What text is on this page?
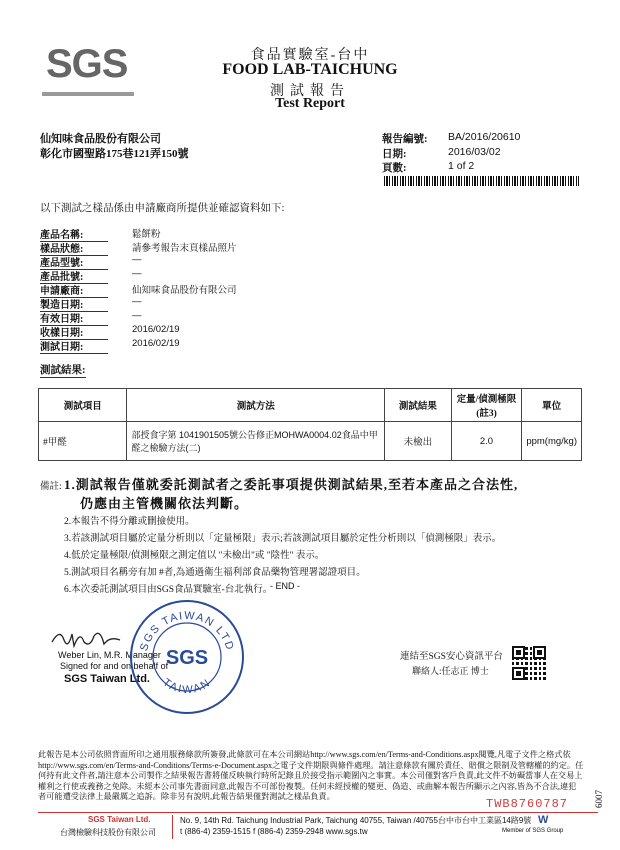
SGS	食品實驗室-台中
FOOD LAB-TAICHUNG
測試報告
Test Report
仙知味食品股份有限公司
彰化市國聖路175巷121弄150號
報告編號: BA/2016/20610
日期:	2016/03/02
頁數:	1 of 2
以下測試之樣品係由申請廠商所提供並確認資料如下:
產品名稱:	鬆餅粉
樣品狀態:	請參考報告末頁樣品照片
產品型號:	—
產品批號:	—
申請廠商:	仙知味食品股份有限公司
製造日期:	—
有效日期:	—
收樣日期:	2016/02/19
測試日期:	2016/02/19
測試結果:
測試項目	測試方法	測試結果	定量/偵測極限(註3)	單位
#甲醛	部授食字第 1041901505號公告修正MOHWA0004.02食品中甲醛之檢驗方法(二)	未檢出	2.0	ppm(mg/kg)
備註: 1.測試報告僅就委託測試者之委託事項提供測試結果,至若本產品之合法性,
仍應由主管機關依法判斷。
2.本報告不得分離或刪撿使用。
3.若該測試項目屬於定量分析則以「定量極限」表示;若該測試項目屬於定性分析則以「偵測極限」表示。
4.低於定量極限/偵測極限之測定值以 "未檢出"或 "陰性" 表示。
5.測試項目名稱旁有加 #者,為通過衛生福利部食品藥物管理署認證項目。
6.本次委託測試項目由SGS食品實驗室-台北執行。
- END -
Weber Lin, M.R. Manager
Signed for and on behalf of
SGS Taiwan Ltd.
SGS TAIWAN LTD
TAIWAN
SGS	連結至SGS安心資訊平台
聯絡人:任志正 博士
此報告是本公司依照背面所印之通用服務條款所簽發,此條款可在本公司網站http://www.sgs.com/en/Terms-and-Conditions.aspx閱覽,凡電子文件之格式依http://www.sgs.com/en/Terms-and-Conditions/Terms-e-Document.aspx之電子文件期限與條件處理。請注意條款有關於責任、賠償之限制及管轄權的約定。任何持有此文件者,請注意本公司製作之結果報告書將僅反映執行時所記錄且於接受指示範圍內之事實。本公司僅對客戶負責,此文件不妨礙當事人在交易上權利之行使或義務之免除。未經本公司事先書面同意,此報告不可部份複製。任何未經授權的變更、偽造、或曲解本報告所顯示之內容,皆為不合法,違犯者可能遭受法律上最嚴厲之追訴。除非另有說明,此報告結果僅對測試之樣品負責。
TWB8760787	6007
SGS Taiwan Ltd.
台灣檢驗科技股份有限公司
No. 9, 14th Rd. Taichung Industrial Park, Taichung 40755, Taiwan /40755台中市台中工業區14路9號
t (886-4) 2359-1515 f (886-4) 2359-2948 www.sgs.tw
W
Member of SGS Group
